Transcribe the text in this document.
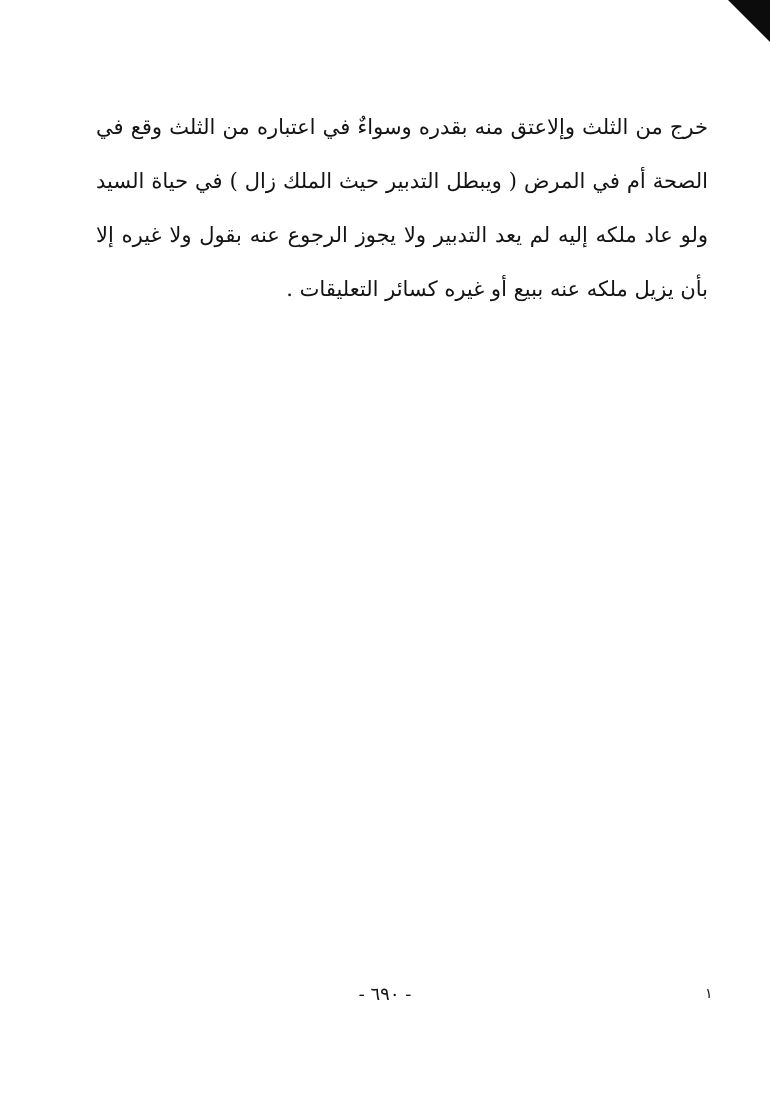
خرج من الثلث وإلاعتق منه بقدره وسواءٌ في اعتباره من الثلث وقع في الصحة أم في المرض ( ويبطل التدبير حيث الملك زال ) في حياة السيد ولو عاد ملكه إليه لم يعد التدبير ولا يجوز الرجوع عنه بقول ولا غيره إلا بأن يزيل ملكه عنه ببيع أو غيره كسائر التعليقات .

- ٦٩٠ -	١
